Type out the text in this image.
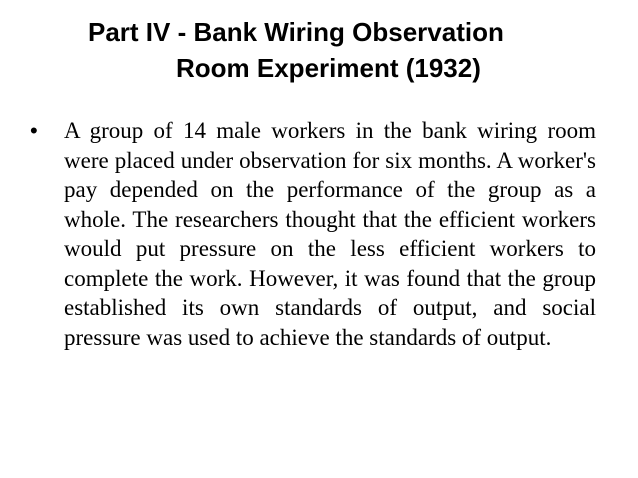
Part IV - Bank Wiring Observation
Room Experiment (1932)
• A group of 14 male workers in the bank wiring room were placed under observation for six months. A worker's pay depended on the performance of the group as a whole. The researchers thought that the efficient workers would put pressure on the less efficient workers to complete the work. However, it was found that the group established its own standards of output, and social pressure was used to achieve the standards of output.
